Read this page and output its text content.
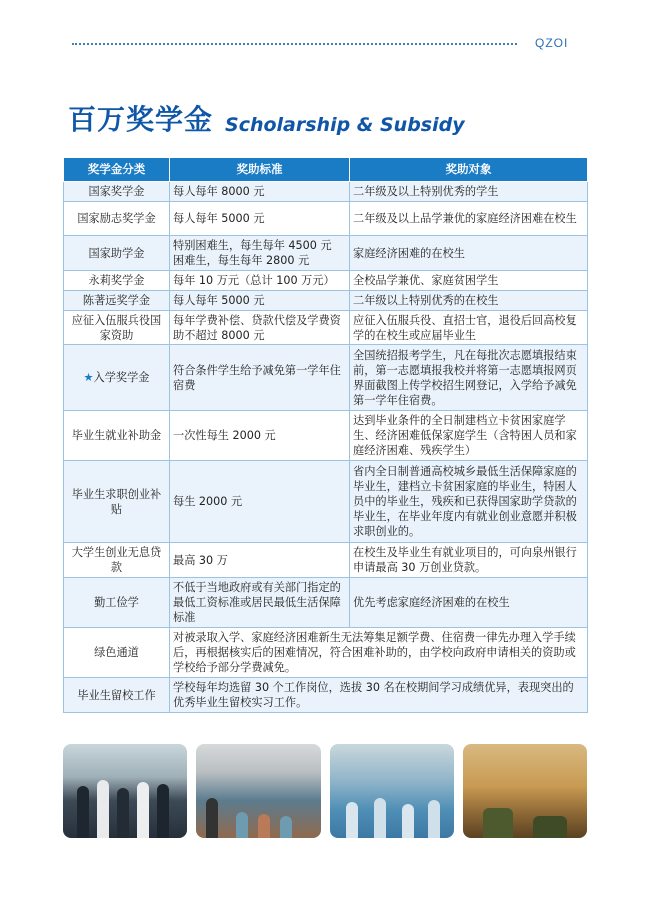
QZOI
百万奖学金 Scholarship & Subsidy
奖学金分类	奖助标准	奖助对象
国家奖学金	每人每年 8000 元	二年级及以上特别优秀的学生
国家励志奖学金	每人每年 5000 元	二年级及以上品学兼优的家庭经济困难在校生
国家助学金	特别困难生，每生每年 4500 元 困难生，每生每年 2800 元	家庭经济困难的在校生
永莉奖学金	每年 10 万元（总计 100 万元）	全校品学兼优、家庭贫困学生
陈著远奖学金	每人每年 5000 元	二年级以上特别优秀的在校生
应征入伍服兵役国家资助	每年学费补偿、贷款代偿及学费资助不超过 8000 元	应征入伍服兵役、直招士官，退役后回高校复学的在校生或应届毕业生
★入学奖学金	符合条件学生给予减免第一学年住宿费	全国统招报考学生，凡在每批次志愿填报结束前，第一志愿填报我校并将第一志愿填报网页界面截图上传学校招生网登记，入学给予减免第一学年住宿费。
毕业生就业补助金	一次性每生 2000 元	达到毕业条件的全日制建档立卡贫困家庭学生、经济困难低保家庭学生（含特困人员和家庭经济困难、残疾学生）
毕业生求职创业补贴	每生 2000 元	省内全日制普通高校城乡最低生活保障家庭的毕业生，建档立卡贫困家庭的毕业生，特困人员中的毕业生，残疾和已获得国家助学贷款的毕业生，在毕业年度内有就业创业意愿并积极求职创业的。
大学生创业无息贷款	最高 30 万	在校生及毕业生有就业项目的，可向泉州银行申请最高 30 万创业贷款。
勤工俭学	不低于当地政府或有关部门指定的最低工资标准或居民最低生活保障标准	优先考虑家庭经济困难的在校生
绿色通道	对被录取入学、家庭经济困难新生无法筹集足额学费、住宿费一律先办理入学手续后，再根据核实后的困难情况，符合困难补助的，由学校向政府申请相关的资助或学校给予部分学费减免。	
毕业生留校工作	学校每年均选留 30 个工作岗位，选拔 30 名在校期间学习成绩优异，表现突出的优秀毕业生留校实习工作。	
